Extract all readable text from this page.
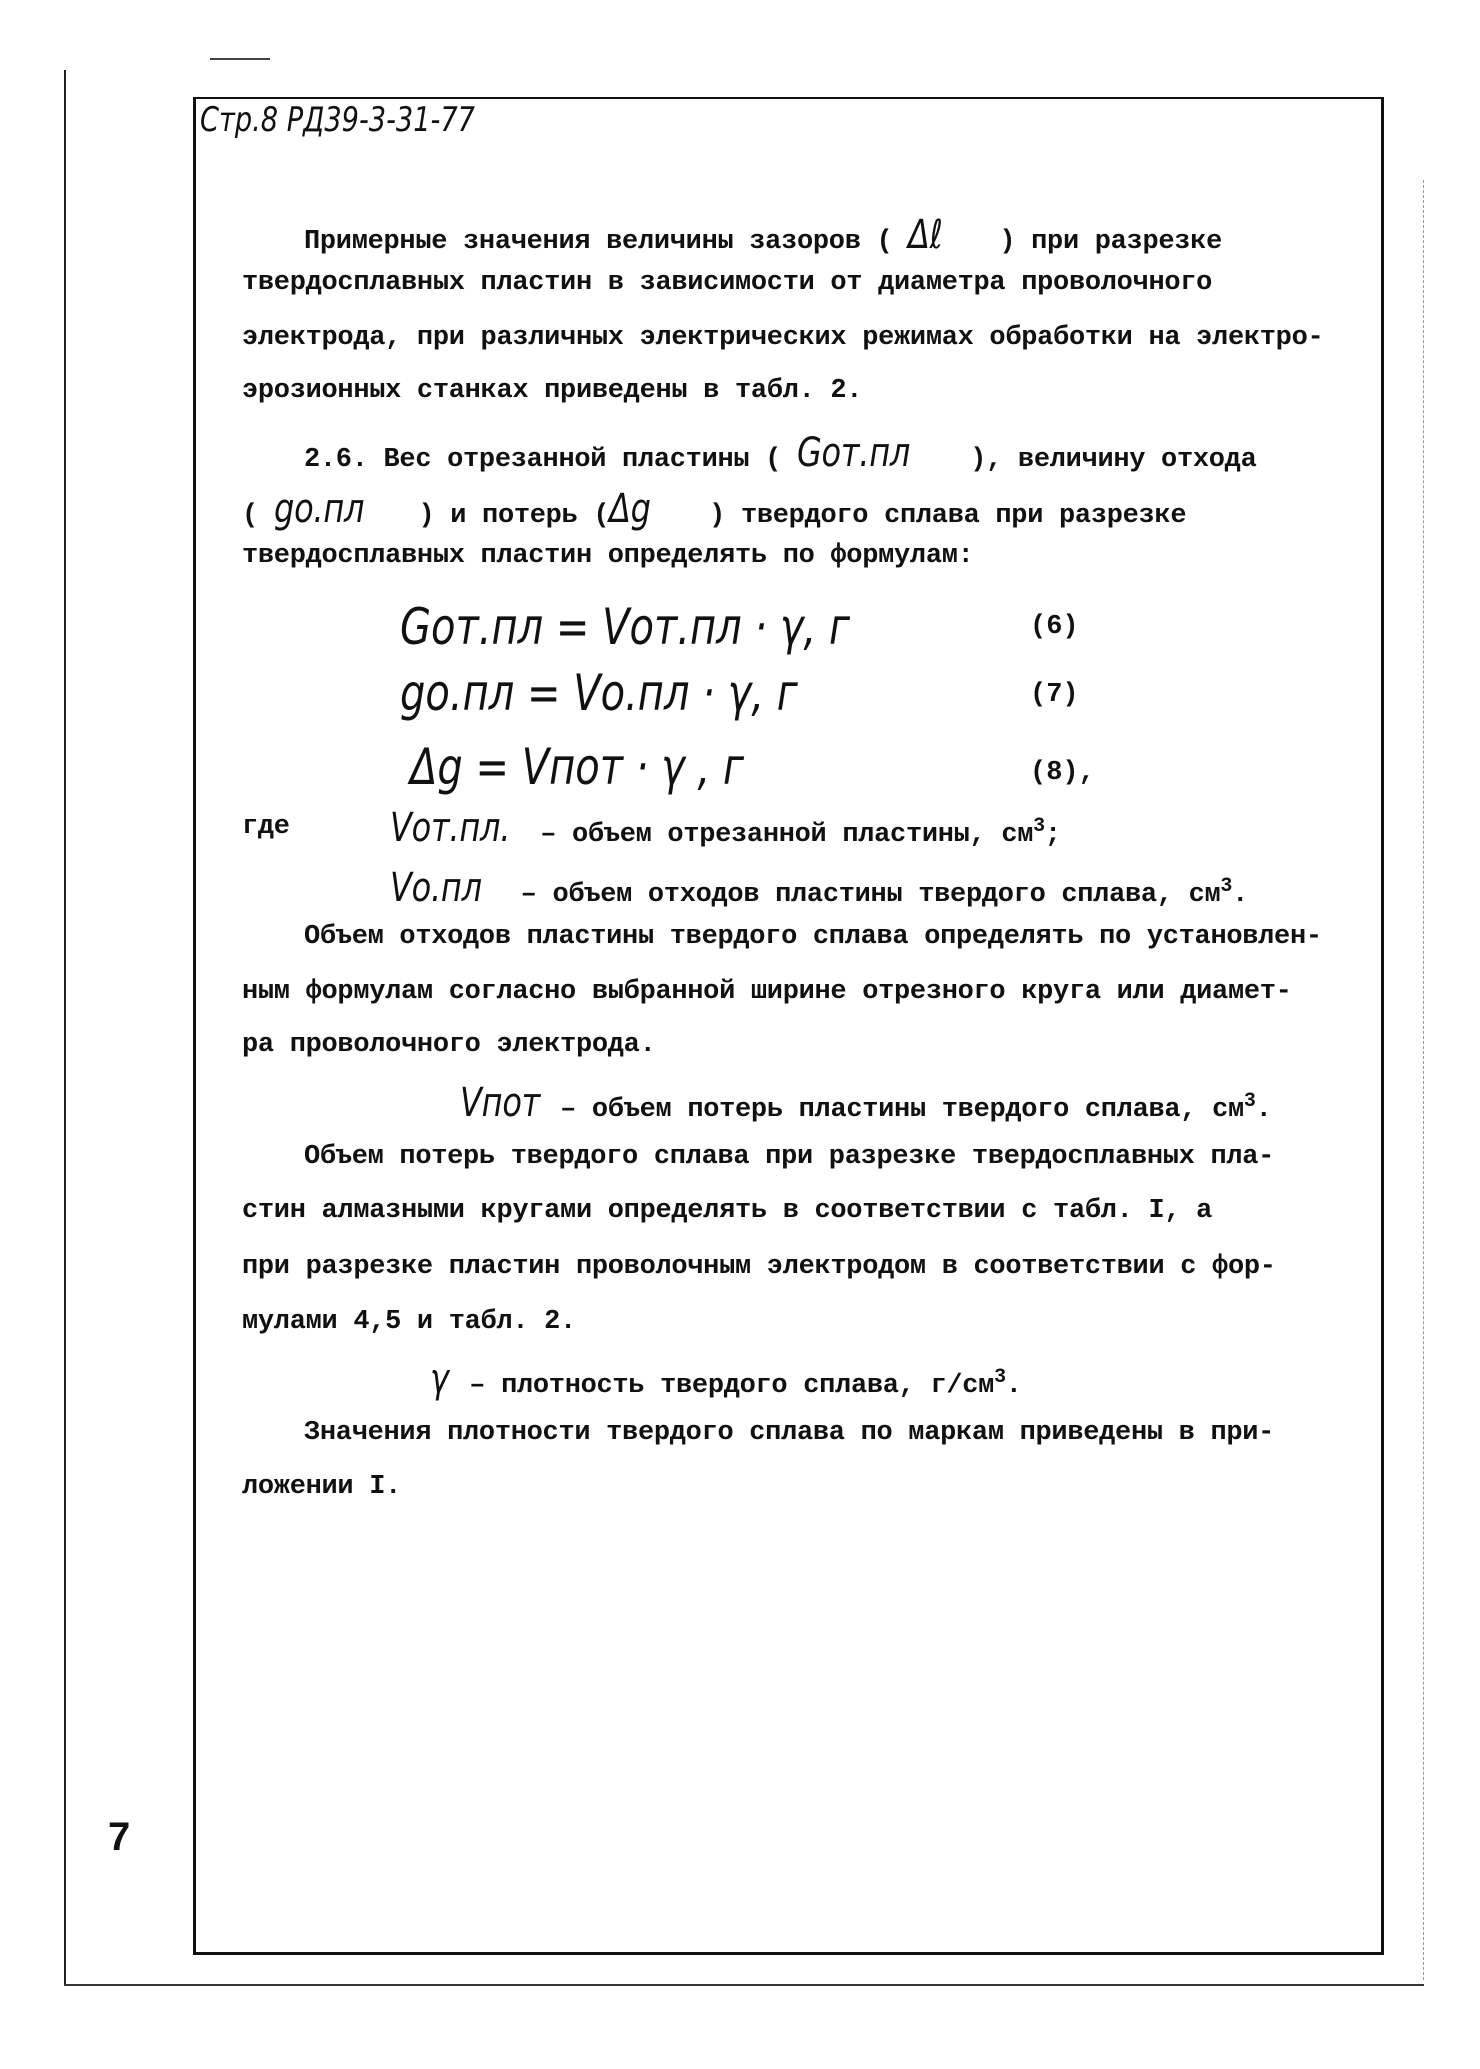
Стр.8 РД39-3-31-77
Примерные значения величины зазоров ( Δℓ ) при разрезке
твердосплавных пластин в зависимости от диаметра проволочного
электрода, при различных электрических режимах обработки на электро-
эрозионных станках приведены в табл. 2.
2.6. Вес отрезанной пластины ( Gот.пл ), величину отхода
( gо.пл ) и потерь (Δg ) твердого сплава при разрезке
твердосплавных пластин определять по формулам:
Gот.пл = Vот.пл · γ, г	(6)
gо.пл = Vо.пл · γ, г	(7)
Δg = Vпот · γ , г	(8),
где	Vот.пл. – объем отрезанной пластины, $см^3$;
Vо.пл – объем отходов пластины твердого сплава, $см^3$.
Объем отходов пластины твердого сплава определять по установлен-
ным формулам согласно выбранной ширине отрезного круга или диамет-
ра проволочного электрода.
Vпот – объем потерь пластины твердого сплава, $см^3$.
Объем потерь твердого сплава при разрезке твердосплавных пла-
стин алмазными кругами определять в соответствии с табл. I, а
при разрезке пластин проволочным электродом в соответствии с фор-
мулами 4,5 и табл. 2.
γ – плотность твердого сплава, $г/см^3$.
Значения плотности твердого сплава по маркам приведены в при-
ложении I.
7
